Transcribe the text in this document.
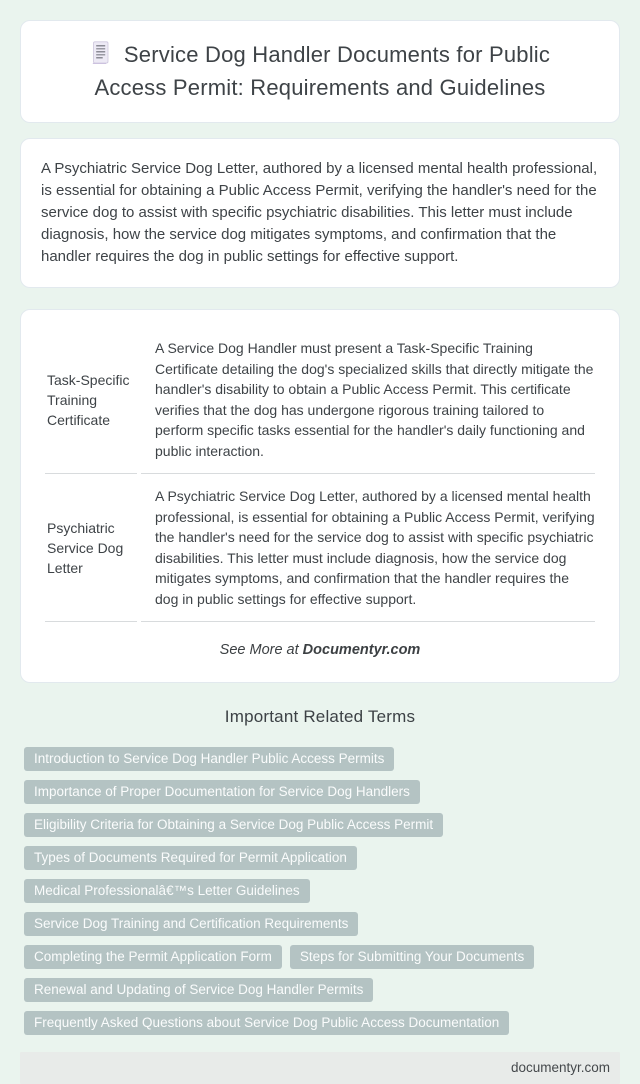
Service Dog Handler Documents for Public Access Permit: Requirements and Guidelines

A Psychiatric Service Dog Letter, authored by a licensed mental health professional, is essential for obtaining a Public Access Permit, verifying the handler's need for the service dog to assist with specific psychiatric disabilities. This letter must include diagnosis, how the service dog mitigates symptoms, and confirmation that the handler requires the dog in public settings for effective support.

Task-Specific Training Certificate	A Service Dog Handler must present a Task-Specific Training Certificate detailing the dog's specialized skills that directly mitigate the handler's disability to obtain a Public Access Permit. This certificate verifies that the dog has undergone rigorous training tailored to perform specific tasks essential for the handler's daily functioning and public interaction.
Psychiatric Service Dog Letter	A Psychiatric Service Dog Letter, authored by a licensed mental health professional, is essential for obtaining a Public Access Permit, verifying the handler's need for the service dog to assist with specific psychiatric disabilities. This letter must include diagnosis, how the service dog mitigates symptoms, and confirmation that the handler requires the dog in public settings for effective support.
See More at Documentyr.com
Important Related Terms
Introduction to Service Dog Handler Public Access Permits
Importance of Proper Documentation for Service Dog Handlers
Eligibility Criteria for Obtaining a Service Dog Public Access Permit
Types of Documents Required for Permit Application
Medical Professionalâ€™s Letter Guidelines
Service Dog Training and Certification Requirements
Completing the Permit Application Form	Steps for Submitting Your Documents
Renewal and Updating of Service Dog Handler Permits
Frequently Asked Questions about Service Dog Public Access Documentation
documentyr.com
